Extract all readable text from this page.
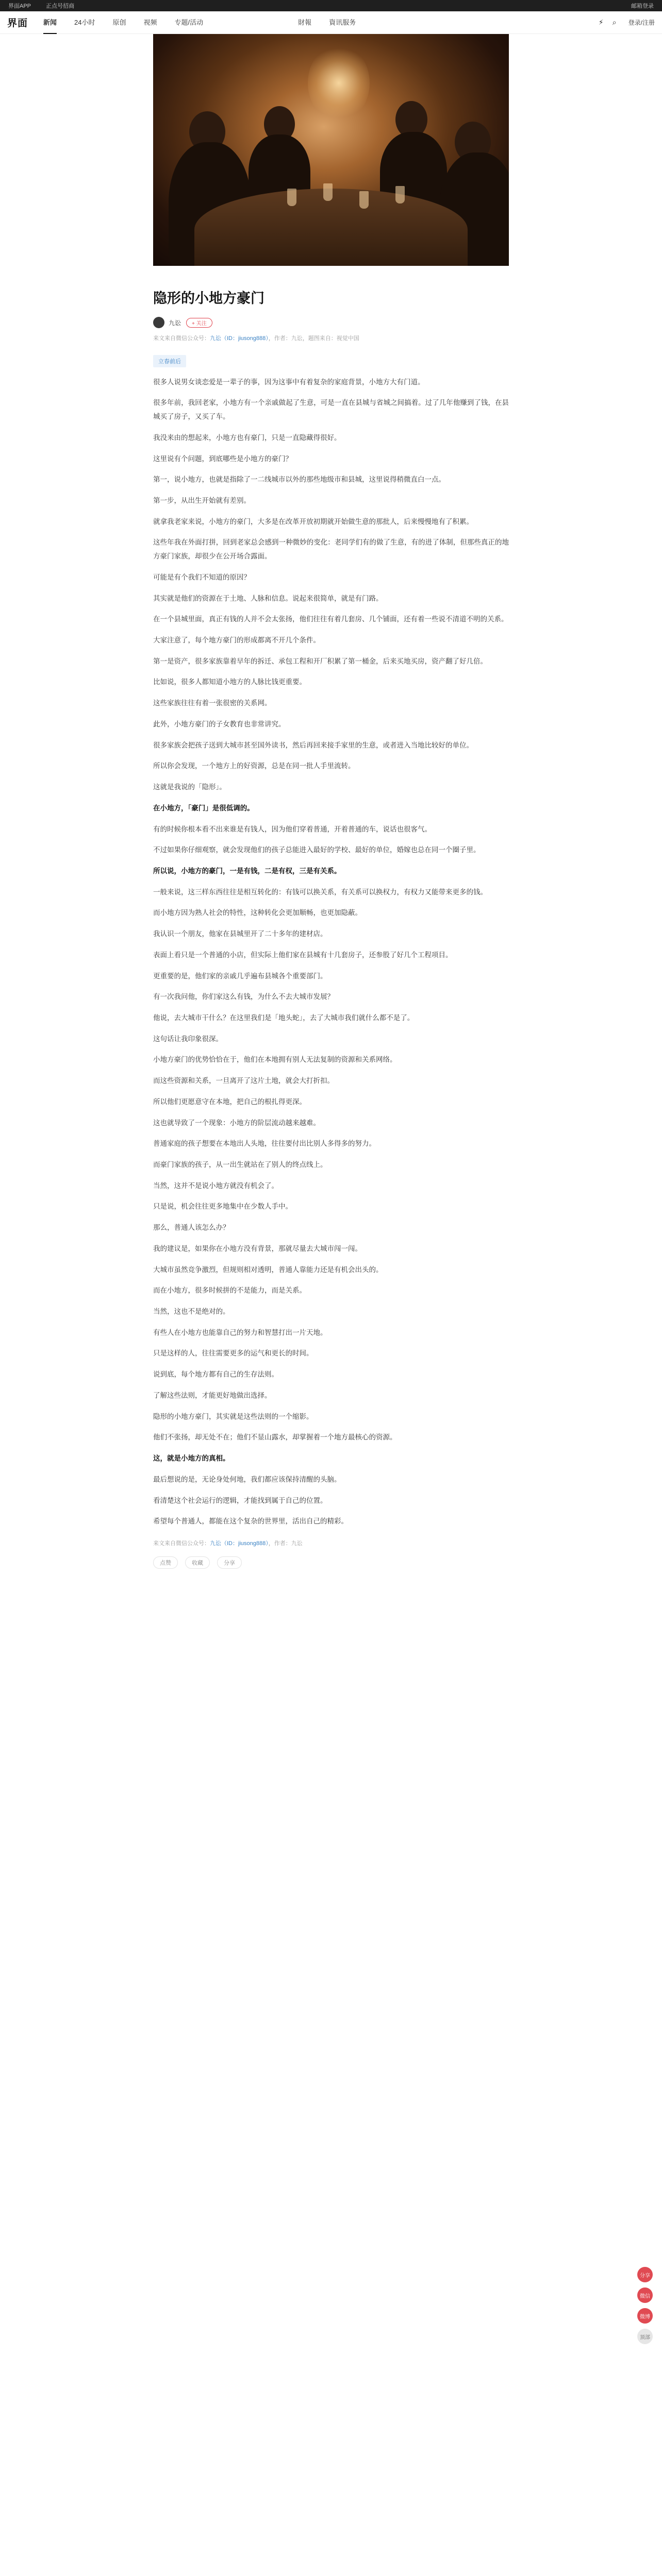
界面APP	正点号招商	邮箱登录
界面 新闻	24小时	原创	视频	专题/活动	財報	資讯服务	⚡	⌕	登录/注册
隐形的小地方豪门
九讼	+ 关注
来文来自微信公众号：九讼（ID：jiusong888），作者：九讼，题图来自：视觉中国
立春前后

很多人说男女谈恋爱是一辈子的事，因为这事中有着复杂的家庭背景，小地方大有门道。

很多年前，我回老家，小地方有一个亲戚做起了生意，可是一直在县城与省城之间搞着。过了几年他赚到了钱，在县城买了房子，又买了车。

我没来由的想起来，小地方也有豪门，只是一直隐藏得很好。

这里说有个问题，到底哪些是小地方的豪门？

第一，说小地方，也就是指除了一二线城市以外的那些地级市和县城，这里说得稍微直白一点。

第一步，从出生开始就有差别。

就拿我老家来说，小地方的豪门，大多是在改革开放初期就开始做生意的那批人，后来慢慢地有了积累。

这些年我在外面打拼，回到老家总会感到一种微妙的变化：老同学们有的做了生意，有的进了体制，但那些真正的地方豪门家族，却很少在公开场合露面。

可能是有个我们不知道的原因？

其实就是他们的资源在于土地、人脉和信息。说起来很简单，就是有门路。

在一个县城里面，真正有钱的人并不会太张扬，他们往往有着几套房、几个铺面，还有着一些说不清道不明的关系。

大家注意了，每个地方豪门的形成都离不开几个条件。

第一是资产，很多家族靠着早年的拆迁、承包工程和开厂积累了第一桶金，后来买地买房，资产翻了好几倍。

比如说，很多人都知道小地方的人脉比钱更重要。

这些家族往往有着一张很密的关系网。

此外，小地方豪门的子女教育也非常讲究。

很多家族会把孩子送到大城市甚至国外读书，然后再回来接手家里的生意，或者进入当地比较好的单位。

所以你会发现，一个地方上的好资源，总是在同一批人手里流转。

这就是我说的「隐形」。

在小地方，「豪门」是很低调的。

有的时候你根本看不出来谁是有钱人，因为他们穿着普通，开着普通的车，说话也很客气。

不过如果你仔细观察，就会发现他们的孩子总能进入最好的学校、最好的单位，婚嫁也总在同一个圈子里。

所以说，小地方的豪门，一是有钱，二是有权，三是有关系。

一般来说，这三样东西往往是相互转化的：有钱可以换关系，有关系可以换权力，有权力又能带来更多的钱。

而小地方因为熟人社会的特性，这种转化会更加顺畅，也更加隐蔽。

我认识一个朋友，他家在县城里开了二十多年的建材店。

表面上看只是一个普通的小店，但实际上他们家在县城有十几套房子，还参股了好几个工程项目。

更重要的是，他们家的亲戚几乎遍布县城各个重要部门。

有一次我问他，你们家这么有钱，为什么不去大城市发展？

他说，去大城市干什么？在这里我们是「地头蛇」，去了大城市我们就什么都不是了。

这句话让我印象很深。

小地方豪门的优势恰恰在于，他们在本地拥有别人无法复制的资源和关系网络。

而这些资源和关系，一旦离开了这片土地，就会大打折扣。

所以他们更愿意守在本地，把自己的根扎得更深。

这也就导致了一个现象：小地方的阶层流动越来越难。

普通家庭的孩子想要在本地出人头地，往往要付出比别人多得多的努力。

而豪门家族的孩子，从一出生就站在了别人的终点线上。

当然，这并不是说小地方就没有机会了。

只是说，机会往往更多地集中在少数人手中。

那么，普通人该怎么办？

我的建议是，如果你在小地方没有背景，那就尽量去大城市闯一闯。

大城市虽然竞争激烈，但规则相对透明，普通人靠能力还是有机会出头的。

而在小地方，很多时候拼的不是能力，而是关系。

当然，这也不是绝对的。

有些人在小地方也能靠自己的努力和智慧打出一片天地。

只是这样的人，往往需要更多的运气和更长的时间。

说到底，每个地方都有自己的生存法则。

了解这些法则，才能更好地做出选择。

隐形的小地方豪门，其实就是这些法则的一个缩影。

他们不张扬，却无处不在；他们不显山露水，却掌握着一个地方最核心的资源。

这，就是小地方的真相。

最后想说的是，无论身处何地，我们都应该保持清醒的头脑。

看清楚这个社会运行的逻辑，才能找到属于自己的位置。

希望每个普通人，都能在这个复杂的世界里，活出自己的精彩。

来文来自微信公众号：九讼（ID：jiusong888），作者：九讼
点赞	收藏	分享
分享
微信
微博
顶部
